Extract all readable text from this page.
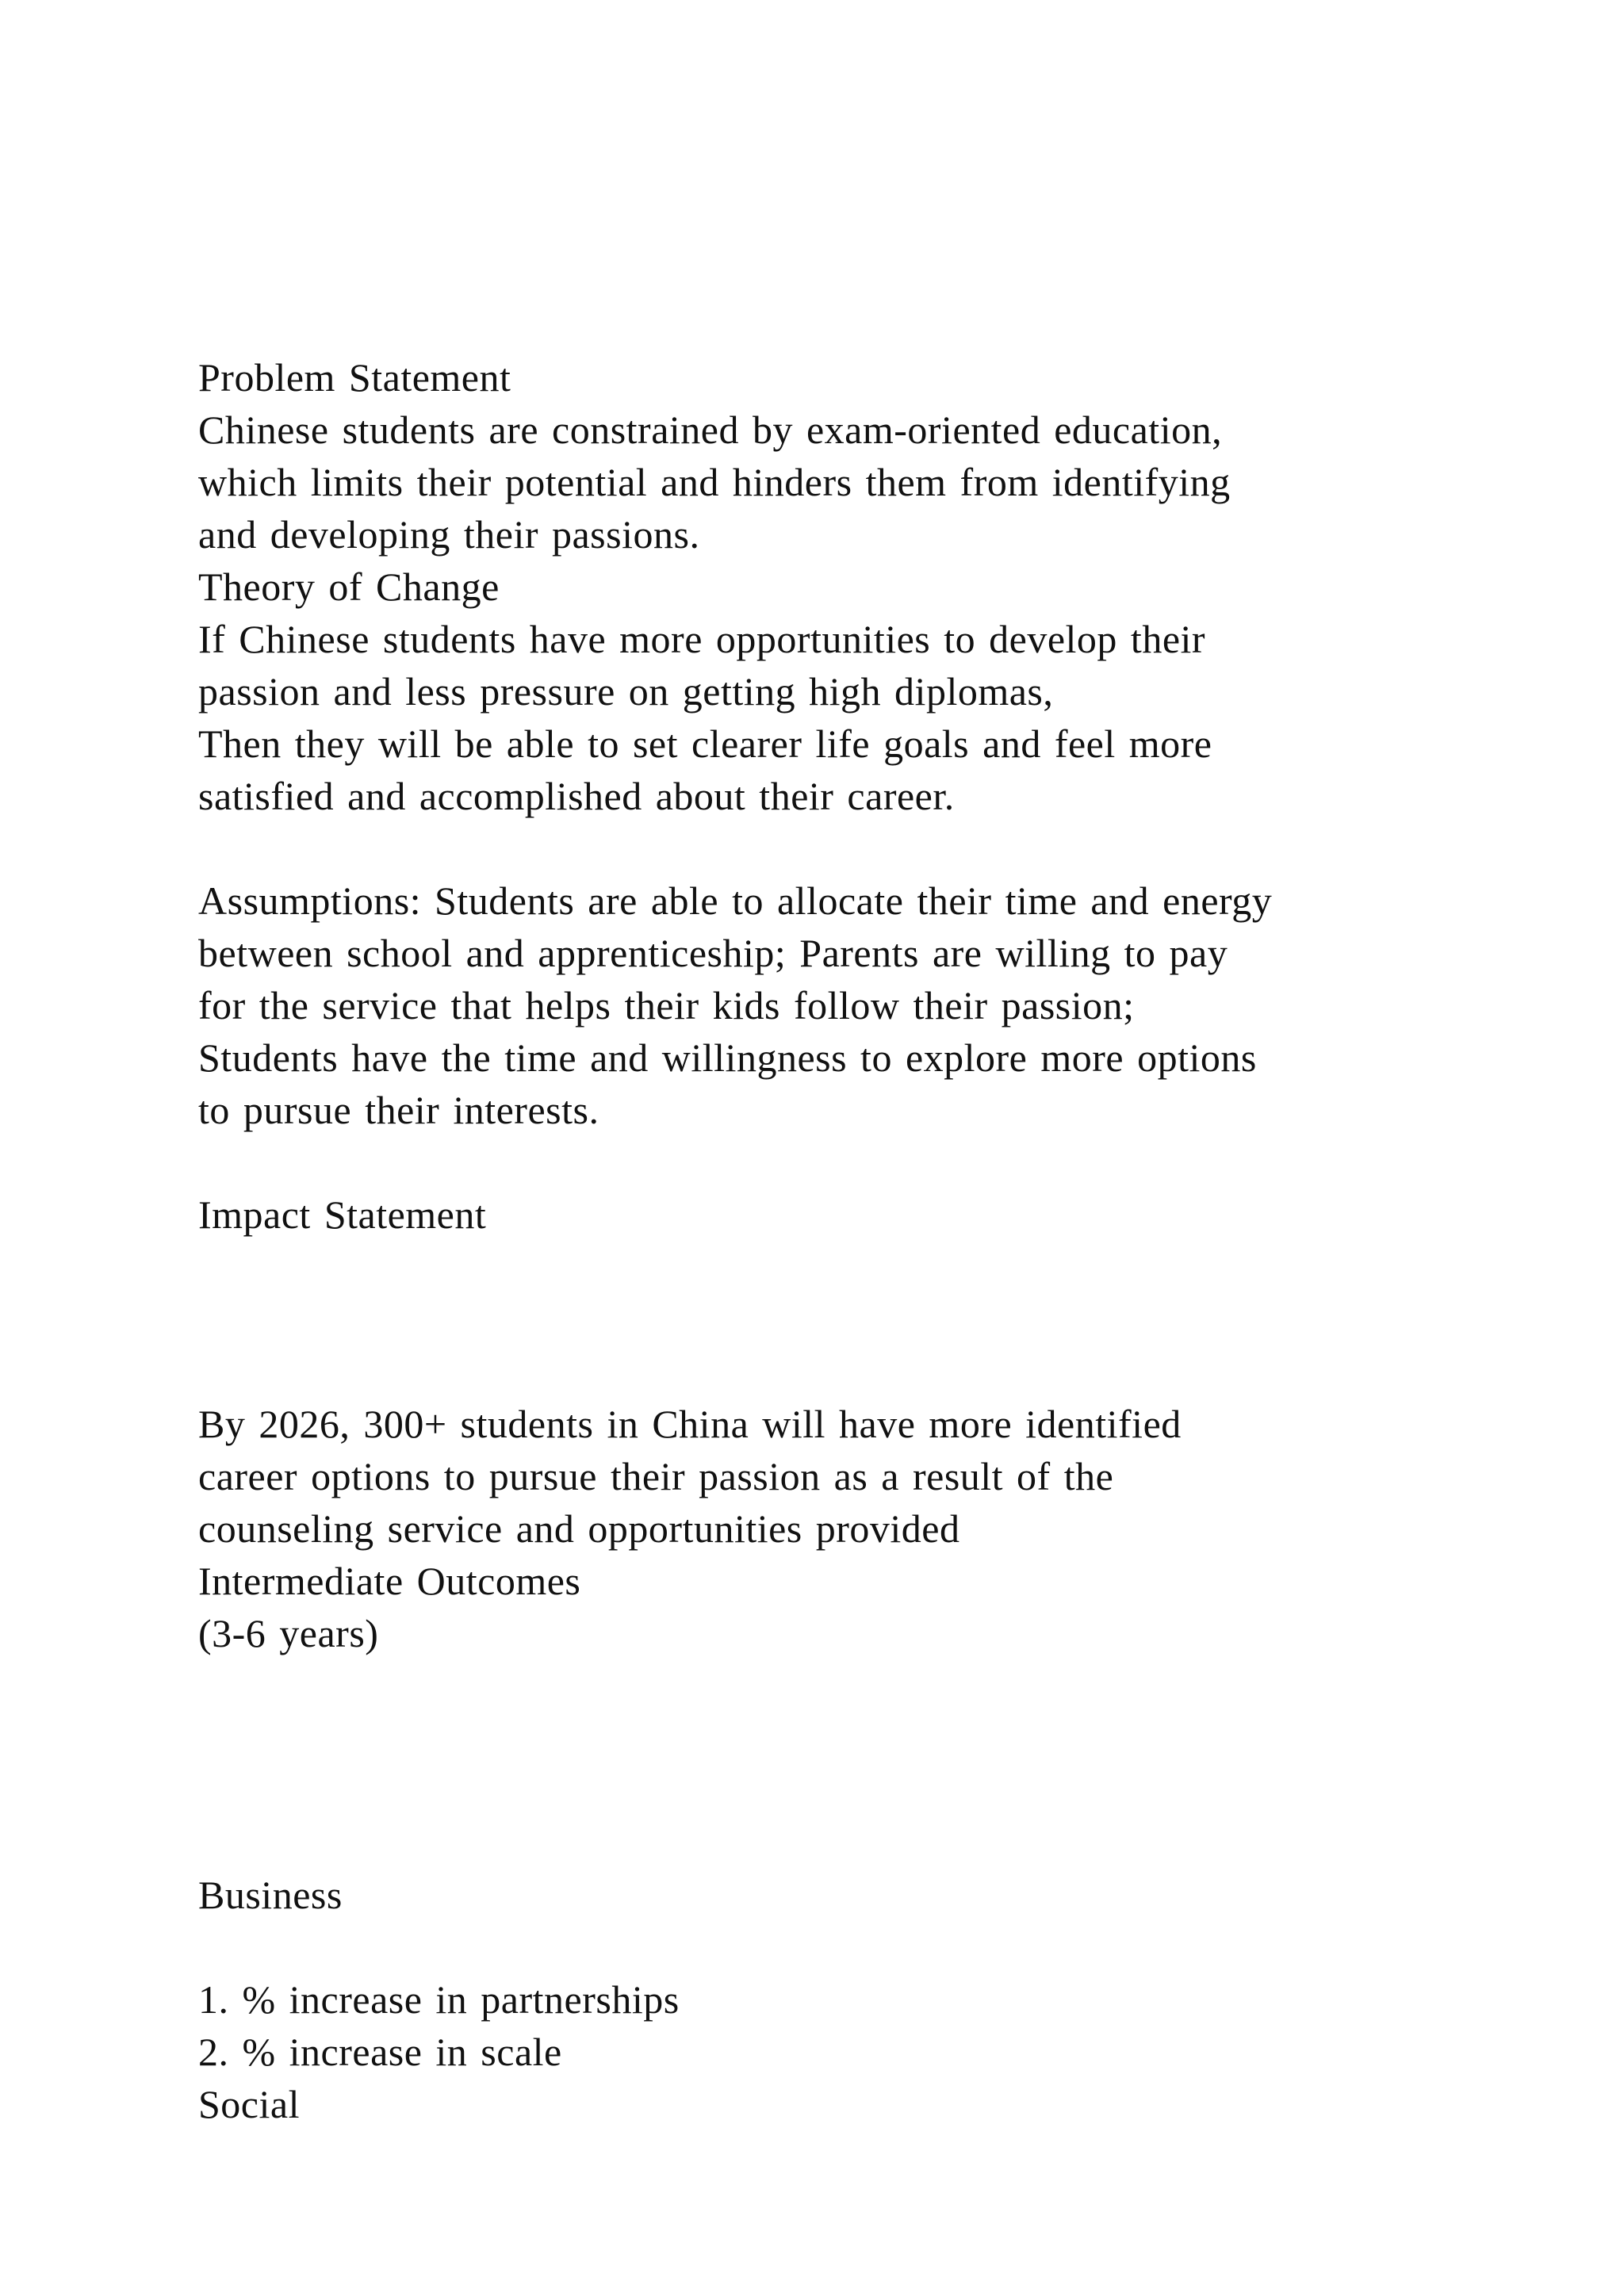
Problem Statement
Chinese students are constrained by exam-oriented education,
which limits their potential and hinders them from identifying
and developing their passions.
Theory of Change
If Chinese students have more opportunities to develop their
passion and less pressure on getting high diplomas,
Then they will be able to set clearer life goals and feel more
satisfied and accomplished about their career.
Assumptions: Students are able to allocate their time and energy
between school and apprenticeship; Parents are willing to pay
for the service that helps their kids follow their passion;
Students have the time and willingness to explore more options
to pursue their interests.
Impact Statement
By 2026, 300+ students in China will have more identified
career options to pursue their passion as a result of the
counseling service and opportunities provided
Intermediate Outcomes
(3-6 years)
Business
1. % increase in partnerships
2. % increase in scale
Social
